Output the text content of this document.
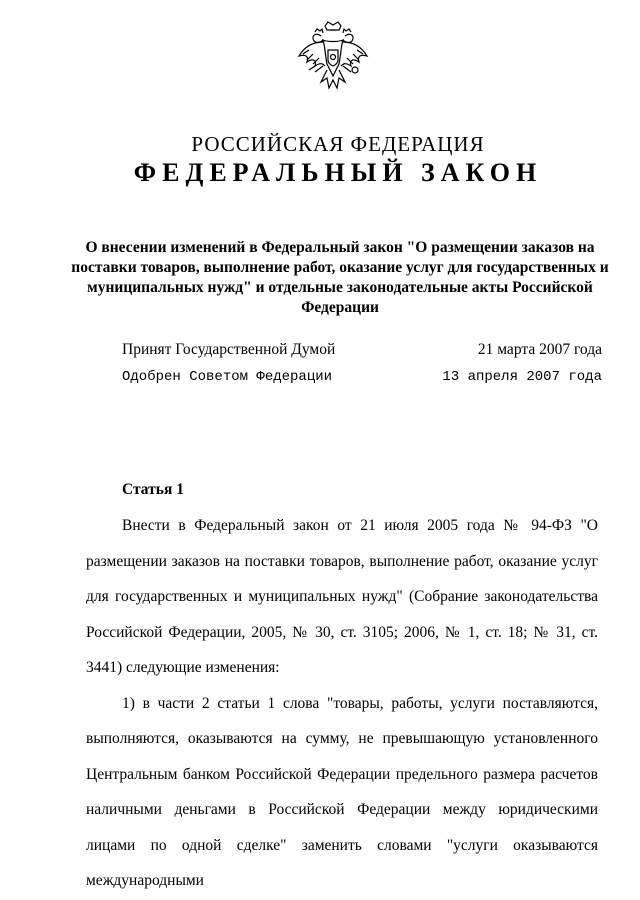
РОССИЙСКАЯ ФЕДЕРАЦИЯ
ФЕДЕРАЛЬНЫЙ ЗАКОН
О внесении изменений в Федеральный закон "О размещении заказов на поставки товаров, выполнение работ, оказание услуг для государственных и муниципальных нужд" и отдельные законодательные акты Российской Федерации
Принят Государственной Думой	21 марта 2007 года
Одобрен Советом Федерации	13 апреля 2007 года
Статья 1

Внести в Федеральный закон от 21 июля 2005 года № 94-ФЗ "О размещении заказов на поставки товаров, выполнение работ, оказание услуг для государственных и муниципальных нужд" (Собрание законодательства Российской Федерации, 2005, № 30, ст. 3105; 2006, № 1, ст. 18; № 31, ст. 3441) следующие изменения:

1) в части 2 статьи 1 слова "товары, работы, услуги поставляются, выполняются, оказываются на сумму, не превышающую установленного Центральным банком Российской Федерации предельного размера расчетов наличными деньгами в Российской Федерации между юридическими лицами по одной сделке" заменить словами "услуги оказываются международными
